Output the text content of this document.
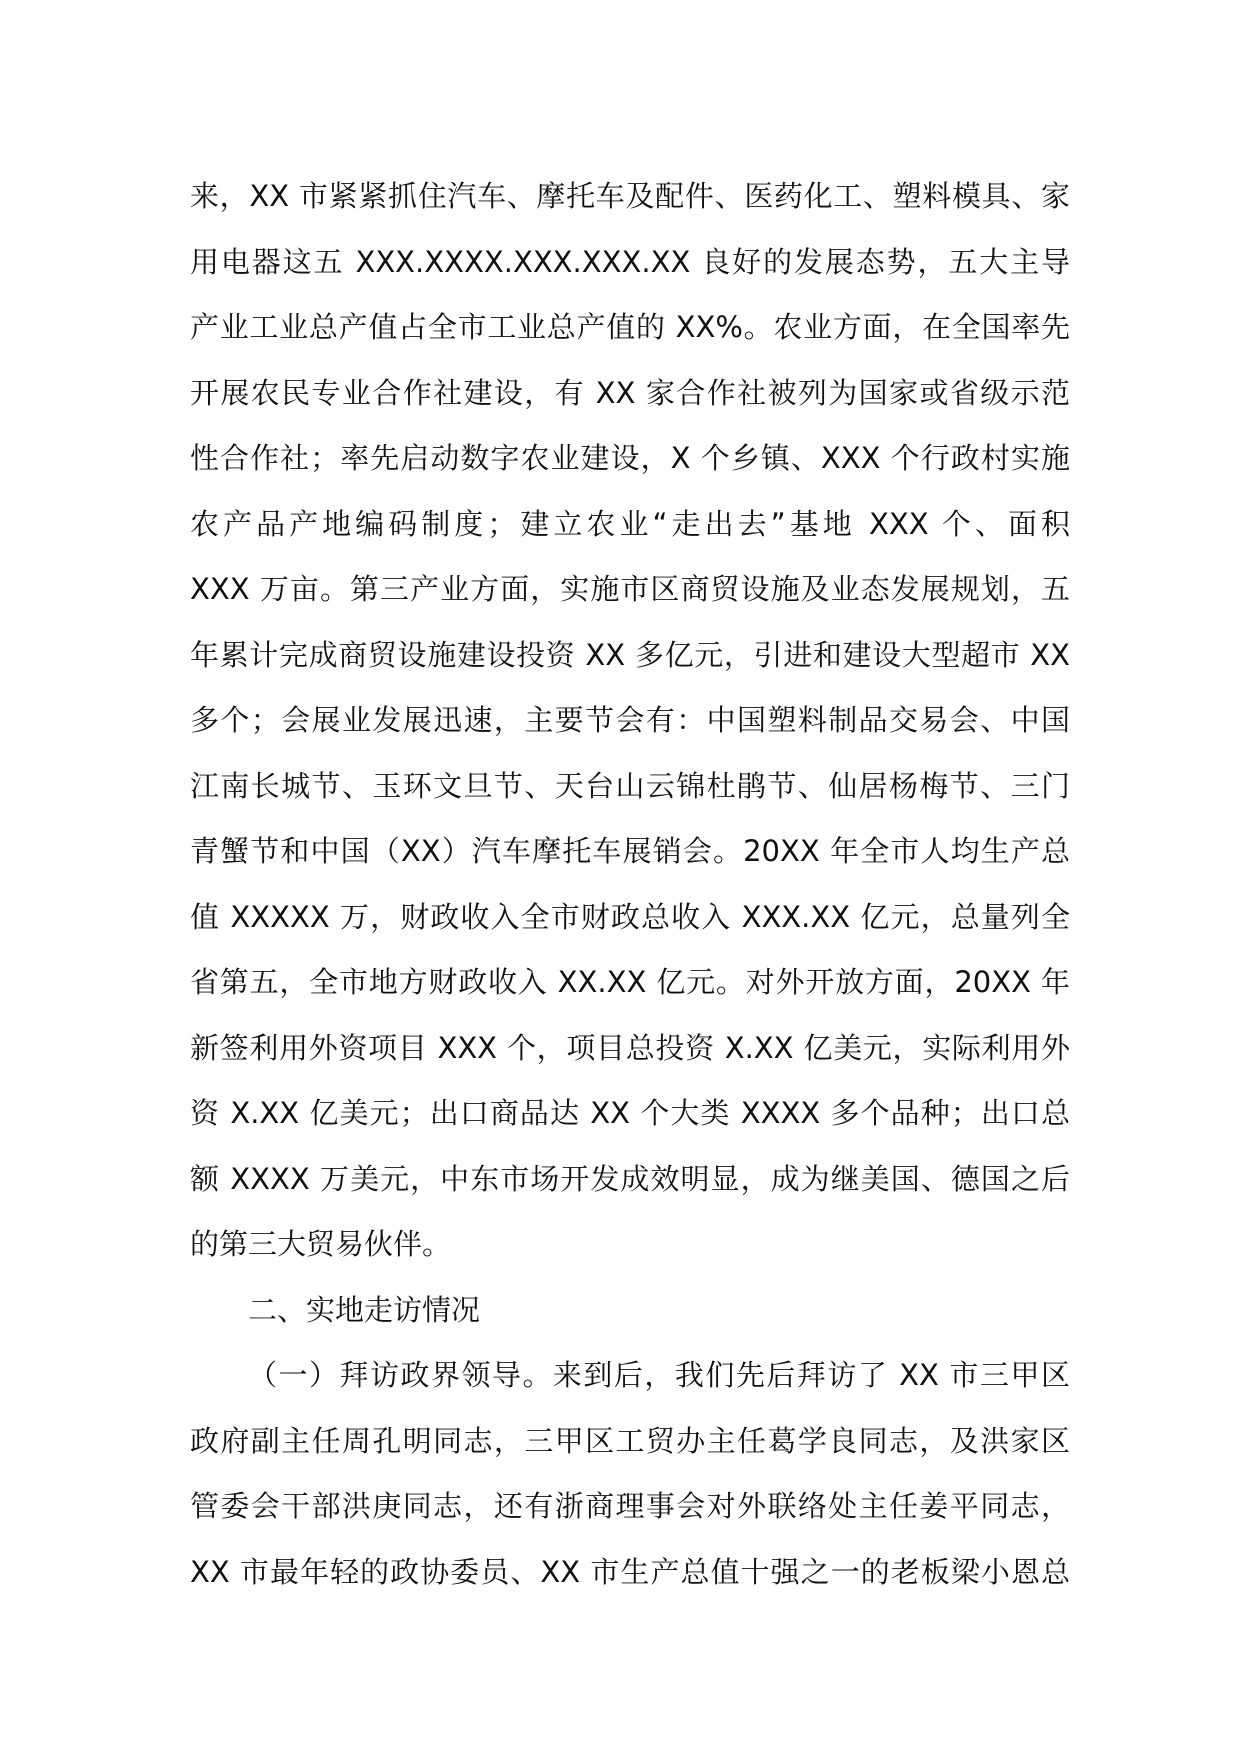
来，XX 市紧紧抓住汽车、摩托车及配件、医药化工、塑料模具、家
用电器这五 XXX.XXXX.XXX.XXX.XX 良好的发展态势，五大主导
产业工业总产值占全市工业总产值的 XX%。农业方面，在全国率先
开展农民专业合作社建设，有 XX 家合作社被列为国家或省级示范
性合作社；率先启动数字农业建设，X 个乡镇、XXX 个行政村实施
农产品产地编码制度；建立农业“走出去”基地 XXX 个、面积
XXX 万亩。第三产业方面，实施市区商贸设施及业态发展规划，五
年累计完成商贸设施建设投资 XX 多亿元，引进和建设大型超市 XX
多个；会展业发展迅速，主要节会有：中国塑料制品交易会、中国
江南长城节、玉环文旦节、天台山云锦杜鹃节、仙居杨梅节、三门
青蟹节和中国（XX）汽车摩托车展销会。20XX 年全市人均生产总
值 XXXXX 万，财政收入全市财政总收入 XXX.XX 亿元，总量列全
省第五，全市地方财政收入 XX.XX 亿元。对外开放方面，20XX 年
新签利用外资项目 XXX 个，项目总投资 X.XX 亿美元，实际利用外
资 X.XX 亿美元；出口商品达 XX 个大类 XXXX 多个品种；出口总
额 XXXX 万美元，中东市场开发成效明显，成为继美国、德国之后
的第三大贸易伙伴。
二、实地走访情况
（一）拜访政界领导。来到后，我们先后拜访了 XX 市三甲区
政府副主任周孔明同志，三甲区工贸办主任葛学良同志，及洪家区
管委会干部洪庚同志，还有浙商理事会对外联络处主任姜平同志，
XX 市最年轻的政协委员、XX 市生产总值十强之一的老板梁小恩总
